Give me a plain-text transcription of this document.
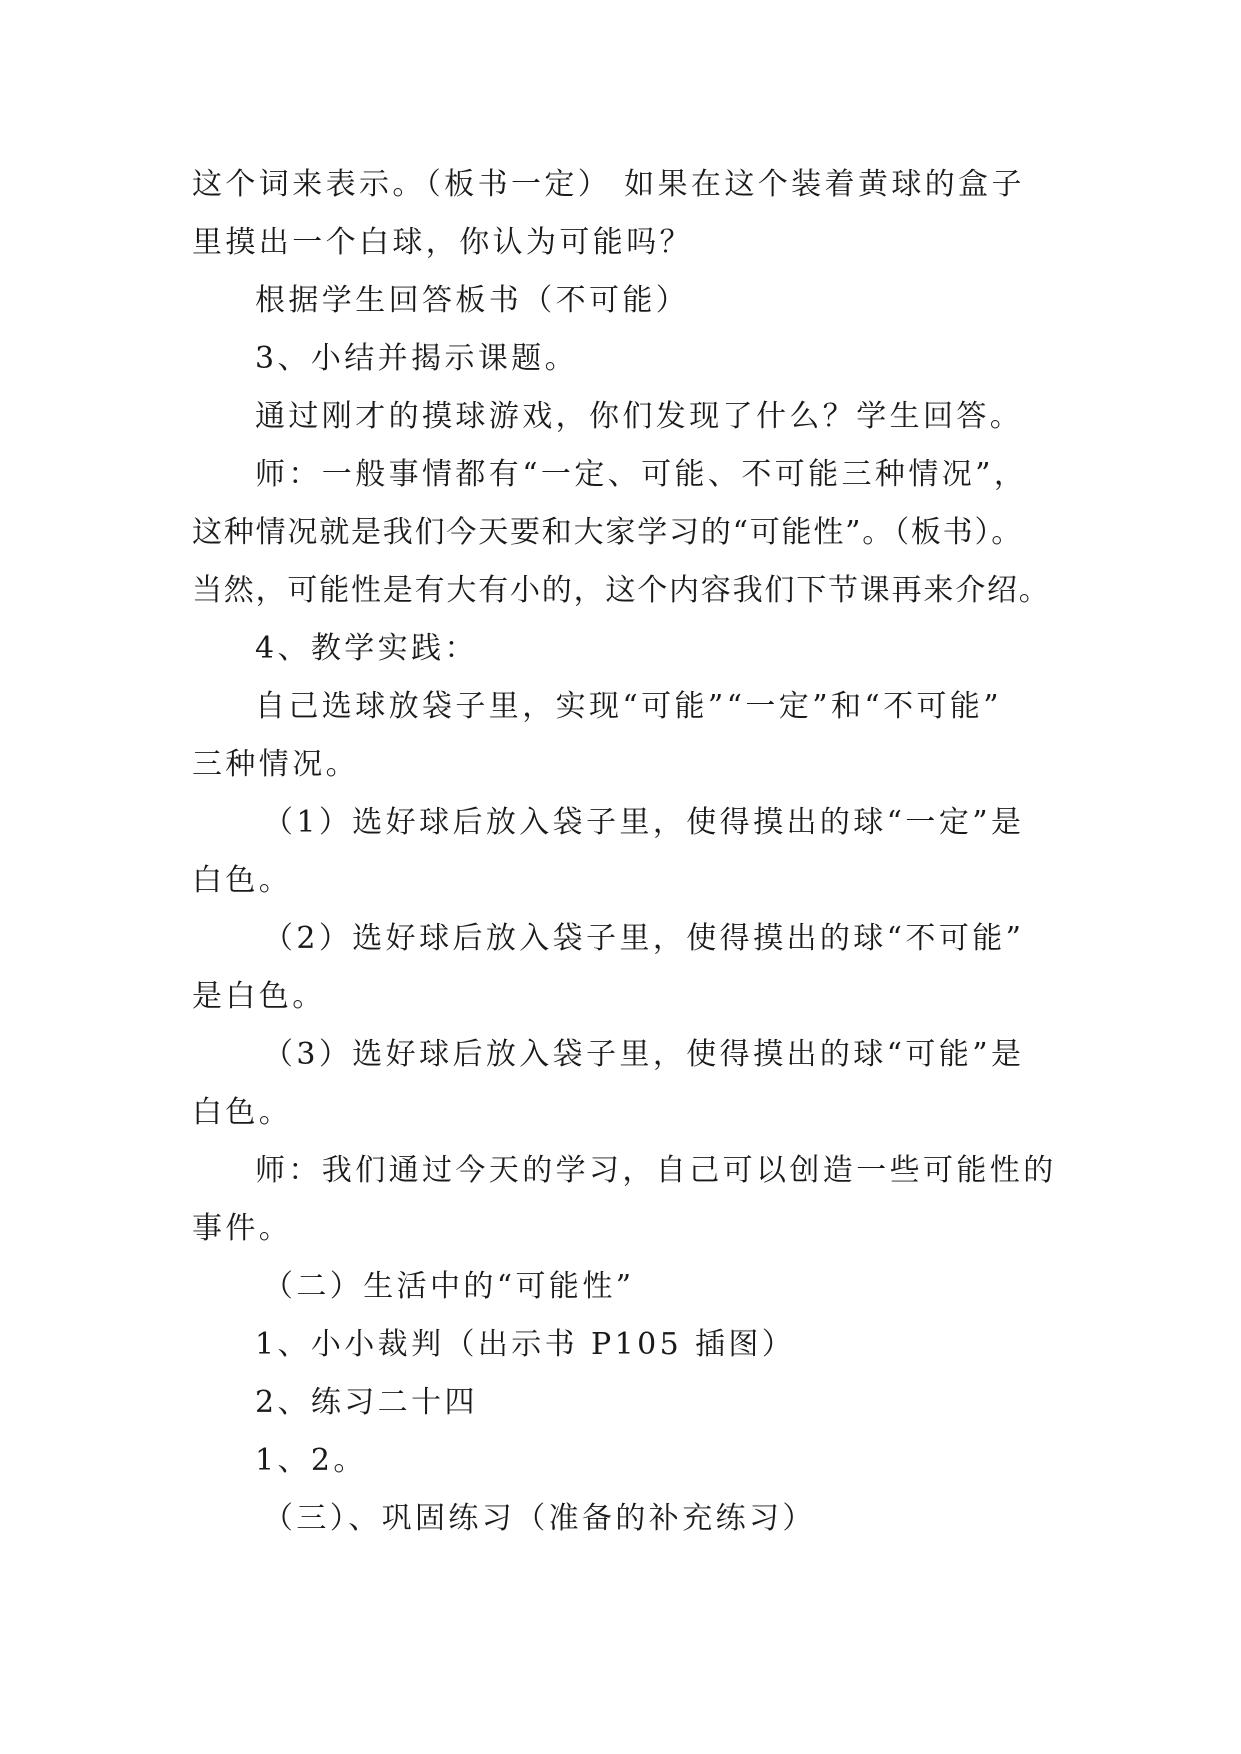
这个词来表示。（板书一定） 如果在这个装着黄球的盒子
里摸出一个白球，你认为可能吗？
根据学生回答板书（不可能）
3、小结并揭示课题。
通过刚才的摸球游戏，你们发现了什么？学生回答。
师：一般事情都有“一定、可能、不可能三种情况”，
这种情况就是我们今天要和大家学习的“可能性”。（板书）。
当然，可能性是有大有小的，这个内容我们下节课再来介绍。
4、教学实践：
自己选球放袋子里，实现“可能”“一定”和“不可能”
三种情况。
（1）选好球后放入袋子里，使得摸出的球“一定”是
白色。
（2）选好球后放入袋子里，使得摸出的球“不可能”
是白色。
（3）选好球后放入袋子里，使得摸出的球“可能”是
白色。
师：我们通过今天的学习，自己可以创造一些可能性的
事件。
（二）生活中的“可能性”
1、小小裁判（出示书 P105 插图）
2、练习二十四
1、2。
（三）、巩固练习（准备的补充练习）
